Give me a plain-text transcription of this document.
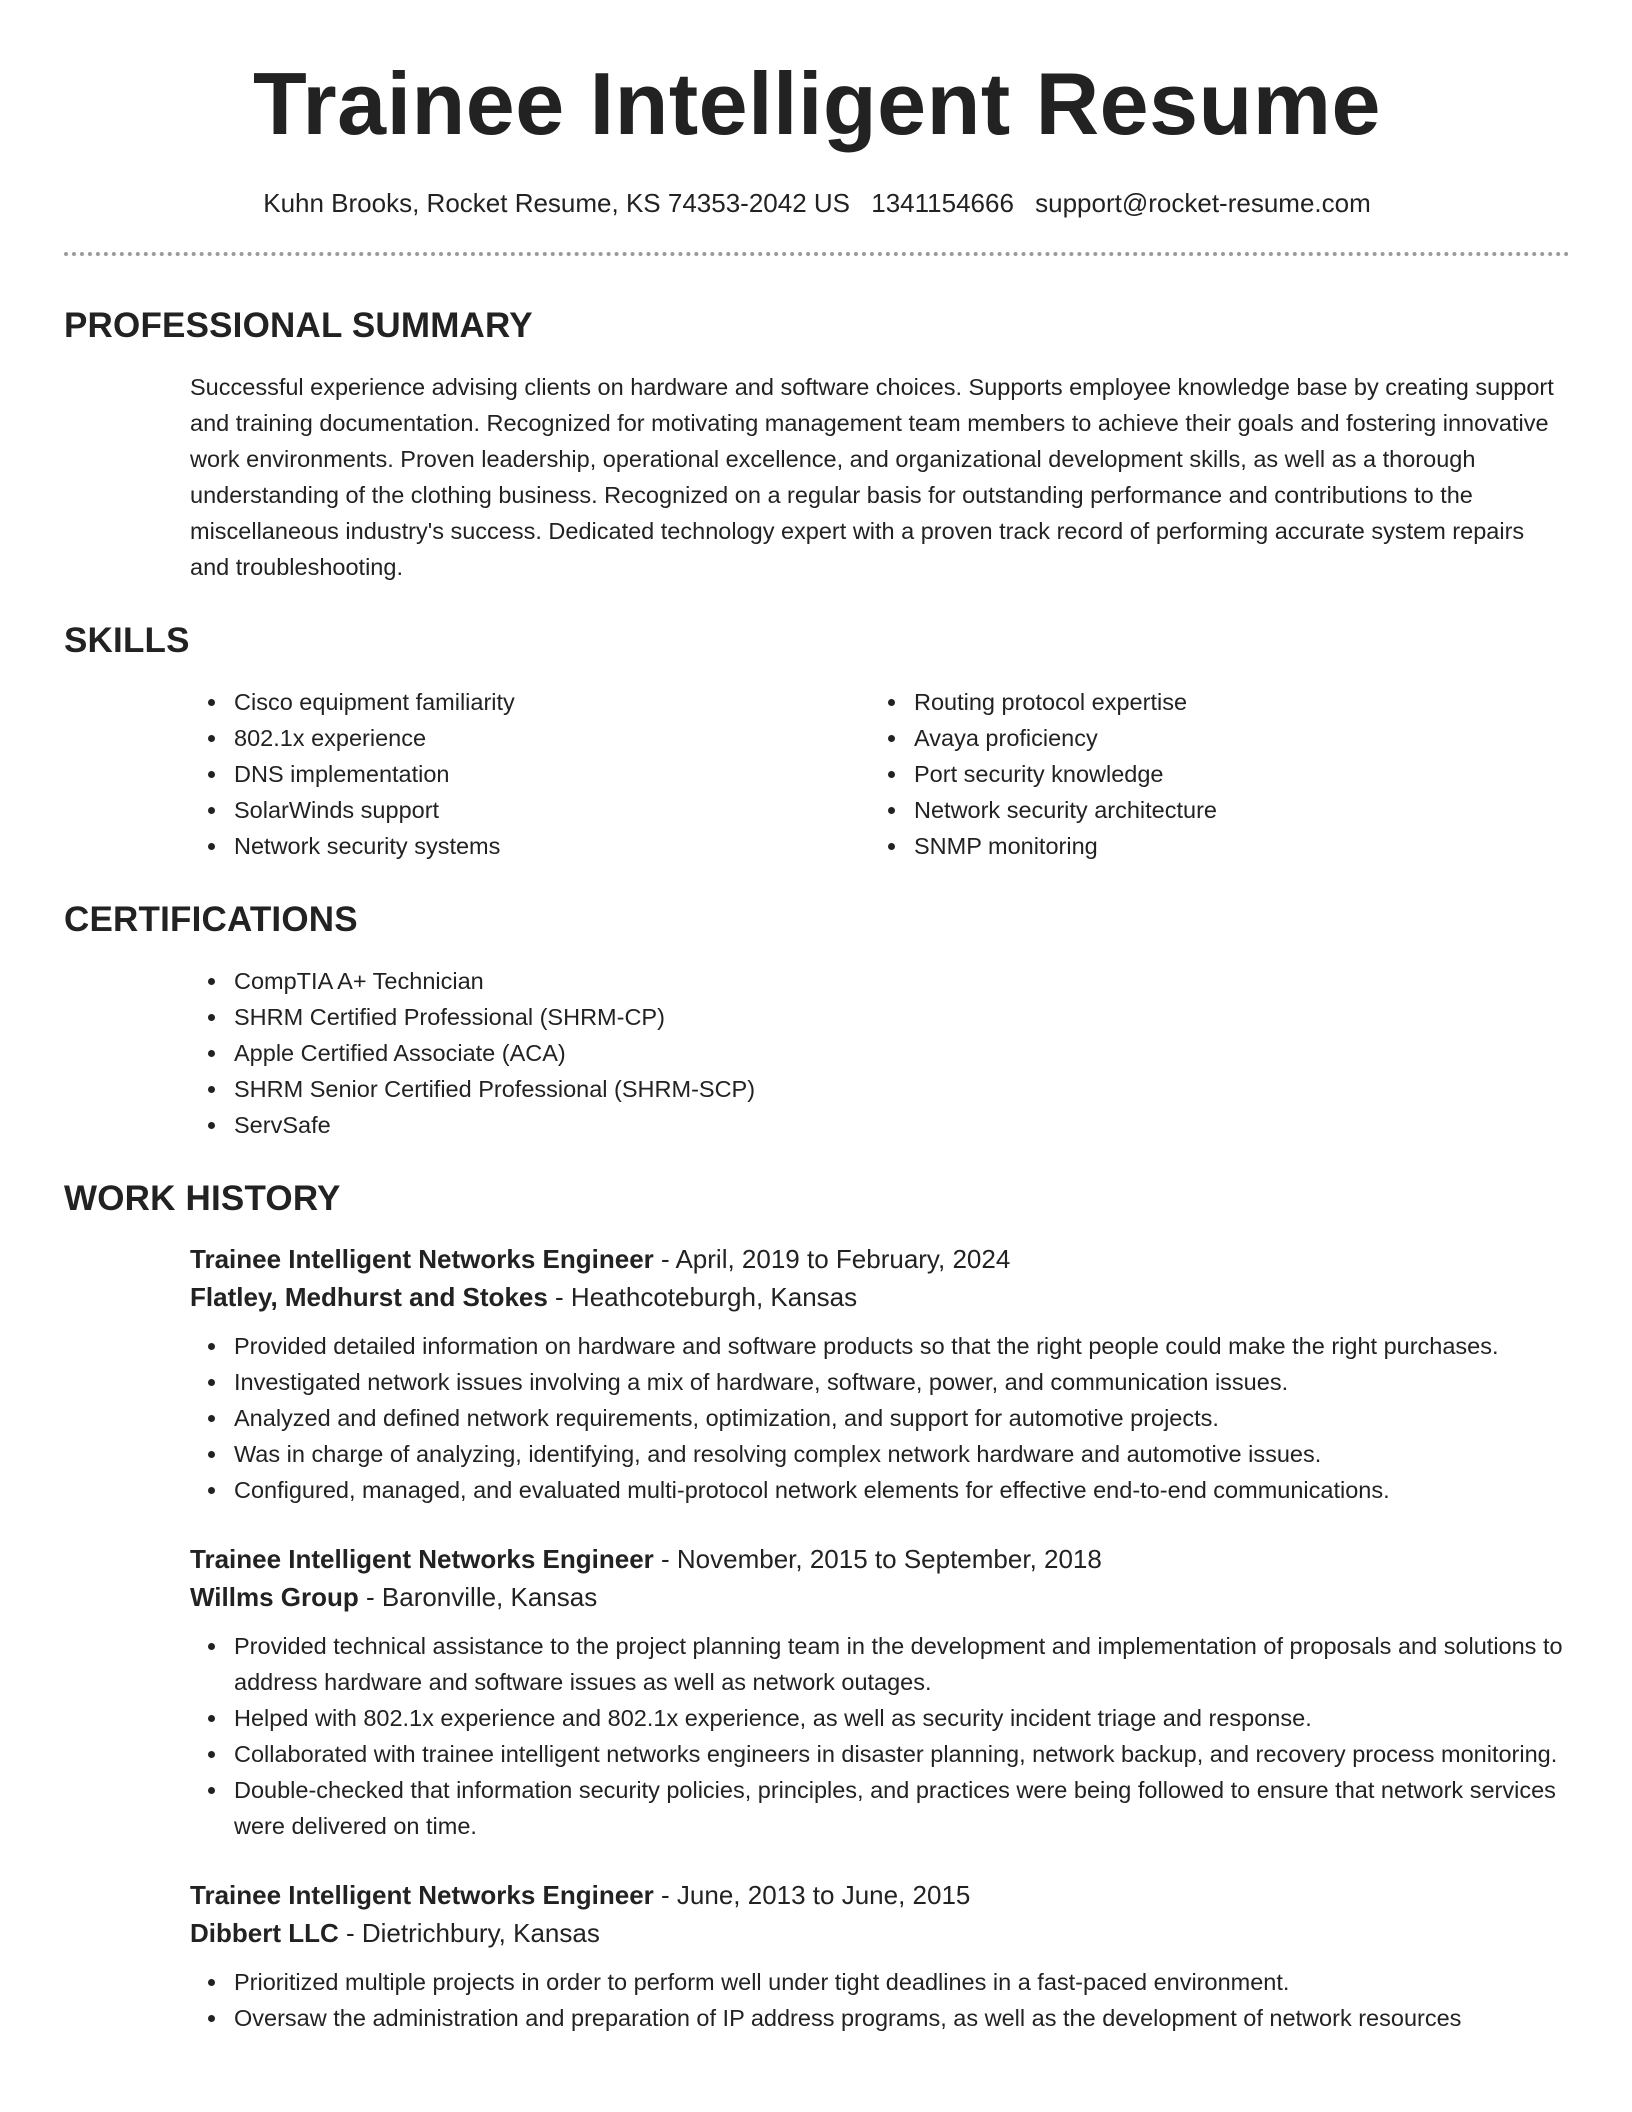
Trainee Intelligent Resume
Kuhn Brooks, Rocket Resume, KS 74353-2042 US 1341154666 support@rocket-resume.com
PROFESSIONAL SUMMARY

Successful experience advising clients on hardware and software choices. Supports employee knowledge base by creating support and training documentation. Recognized for motivating management team members to achieve their goals and fostering innovative work environments. Proven leadership, operational excellence, and organizational development skills, as well as a thorough understanding of the clothing business. Recognized on a regular basis for outstanding performance and contributions to the miscellaneous industry's success. Dedicated technology expert with a proven track record of performing accurate system repairs and troubleshooting.

SKILLS
Cisco equipment familiarity
802.1x experience
DNS implementation
SolarWinds support
Network security systems
Routing protocol expertise
Avaya proficiency
Port security knowledge
Network security architecture
SNMP monitoring
CERTIFICATIONS
CompTIA A+ Technician
SHRM Certified Professional (SHRM-CP)
Apple Certified Associate (ACA)
SHRM Senior Certified Professional (SHRM-SCP)
ServSafe
WORK HISTORY
Trainee Intelligent Networks Engineer - April, 2019 to February, 2024
Flatley, Medhurst and Stokes - Heathcoteburgh, Kansas
Provided detailed information on hardware and software products so that the right people could make the right purchases.
Investigated network issues involving a mix of hardware, software, power, and communication issues.
Analyzed and defined network requirements, optimization, and support for automotive projects.
Was in charge of analyzing, identifying, and resolving complex network hardware and automotive issues.
Configured, managed, and evaluated multi-protocol network elements for effective end-to-end communications.
Trainee Intelligent Networks Engineer - November, 2015 to September, 2018
Willms Group - Baronville, Kansas
Provided technical assistance to the project planning team in the development and implementation of proposals and solutions to address hardware and software issues as well as network outages.
Helped with 802.1x experience and 802.1x experience, as well as security incident triage and response.
Collaborated with trainee intelligent networks engineers in disaster planning, network backup, and recovery process monitoring.
Double-checked that information security policies, principles, and practices were being followed to ensure that network services were delivered on time.
Trainee Intelligent Networks Engineer - June, 2013 to June, 2015
Dibbert LLC - Dietrichbury, Kansas
Prioritized multiple projects in order to perform well under tight deadlines in a fast-paced environment.
Oversaw the administration and preparation of IP address programs, as well as the development of network resources
